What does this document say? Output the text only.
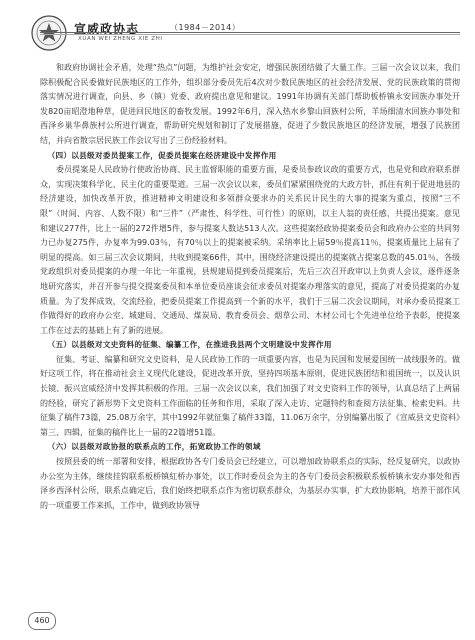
宣威政协志	（1984－2014）
XUAN WEI ZHENG XIE ZHI

和政府协调社会矛盾，处理“热点”问题，为维护社会安定，增强民族团结做了大量工作。三届一次会议以来，我们除积极配合民委做好民族地区的工作外，组织部分委员先后4次对少数民族地区的社会经济发展、党的民族政策的贯彻落实情况进行调查，向县、乡（镇）党委、政府提出意见和建议。1991年协调有关部门帮助板桥镇永安回族办事处开发820亩昭澄地种草，促进回民地区的畜牧发展。1992年6月，深入热水乡黎山回族村公所，羊场细清水回族办事处和西泽乡巢华鼻族村公所进行调查，帮助研究规划和制订了发展措施，促进了少数民族地区的经济发展，增强了民族团结，并向省散宗居民族工作会议写出了三份经验材料。

（四）以县级对委员提案工作，促委员提案在经济建设中发挥作用

委员提案是人民政协行使政治协商、民主监督职能的重要方面，是委员参政议政的重要方式，也是党和政府联系群众，实现决策科学化、民主化的重要渠道。三届一次会议以来，委员们紧紧围绕党的大政方针，抓住有利于促进地县的经济建设，加快改革开放，推进精神文明建设和多领群众要求办的关系民计民生的大事的提案为重点，按照“三不限”（时间、内容、人数不限）和“三件”（严肃性、科学性、可行性）的原则，以主人翁的责任感，共提出提案。意见和建议277件，比上一届的272件增5件，参与提案人数达513人次。这些提案经政协提案委员会和政府办公室的共同努力已办复275件，办复率为99.03％，有70％以上的提案被采纳。采纳率比上届59％提高11％，提案质量比上届有了明显的提高。如三届三次会议期间，共收到提案66件，其中，围绕经济建设提出的提案就占提案总数的45.01％，各级党政组织对委员提案的办理一年比一年重视，县规建局提到委员提案后，先后三次召开政审以上负责人会议，逐件逐条地研究落实，并召开参与提交提案委员和本单位委员座谈会征求委员对提案办理落实的意见，提高了对委员提案的办复质量。为了发挥成效，交流经验，把委员提案工作提高到一个新的水平，我们于三届二次会议期间，对承办委员提案工作做得好的政府办公室、城建局、交通局、煤炭局、教育委员会、烟草公司、木材公司七个先进单位给予表彰，使提案工作在过去的基础上有了新的进展。

（五）以县级对文史资料的征集、编纂工作，在推进我县两个文明建设中发挥作用

征集、考证、编纂和研究文史资料，是人民政协工作的一项重要内容，也是为民国和发展爱国统一战线服务的。做好这项工作，将在推动社会主义现代化建设，促进改革开放，坚持四项基本原则，促进民族团结和祖国统一，以及认识长镜、振兴宣威经济中发挥其积极的作用。三届一次会议以来，我们加强了对文史资料工作的领导，认真总结了上两届的经验，研究了新形势下文史资料工作面临的任务和作用，采取了深入走访、定题特约和查阅方法征集、检索史料。共征集了稿件73篇，25.08万余字，其中1992年就征集了稿件33篇，11.06万余字，分别编纂出版了《宣威县文史资料》第三、四辑，征集的稿件比上一届的22篇增51篇。

（六）以县级对政协报的联系点的工作，拓宽政协工作的领域

按照县委的统一部署和安排，根据政协各专门委员会已经建立，可以增加政协联系点的实际，经反复研究，以政协办公室为主体，继续挂钩联系板桥镇紅桥办事处，以工作时委员会为主的各专门委员会积极联系板桥镇永安办事处和西泽乡西泽村公所，联系点确定后，我们始终把联系点作为密切联系群众，为基层办实事，扩大政协影响，培养干部作风的一项重要工作来抓，工作中，做到政协领导

460
